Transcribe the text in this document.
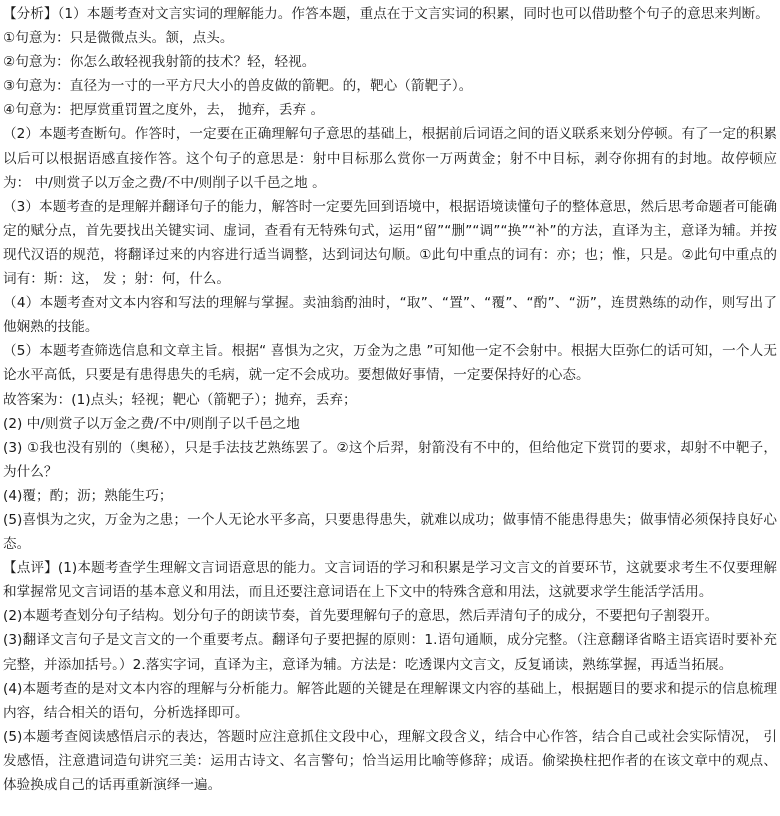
【分析】（1）本题考查对文言实词的理解能力。作答本题，重点在于文言实词的积累，同时也可以借助整个句子的意思来判断。

①句意为：只是微微点头。颔，点头。

②句意为：你怎么敢轻视我射箭的技术？轻，轻视。

③句意为：直径为一寸的一平方尺大小的兽皮做的箭靶。的，靶心（箭靶子）。

④句意为：把厚赏重罚置之度外，去， 抛弃，丢弃 。

（2）本题考查断句。作答时，一定要在正确理解句子意思的基础上，根据前后词语之间的语义联系来划分停顿。有了一定的积累以后可以根据语感直接作答。这个句子的意思是：射中目标那么赏你一万两黄金；射不中目标，剥夺你拥有的封地。故停顿应为： 中/则赏子以万金之费/不中/则削子以千邑之地 。

（3）本题考查的是理解并翻译句子的能力，解答时一定要先回到语境中，根据语境读懂句子的整体意思，然后思考命题者可能确定的赋分点，首先要找出关键实词、虚词，查看有无特殊句式，运用“留”“删”“调”“换”“补”的方法，直译为主，意译为辅。并按现代汉语的规范，将翻译过来的内容进行适当调整，达到词达句顺。①此句中重点的词有：亦；也；惟，只是。②此句中重点的词有：斯：这， 发 ；射：何，什么。

（4）本题考查对文本内容和写法的理解与掌握。卖油翁酌油时，“取”、“置”、“覆”、“酌”、“沥”，连贯熟练的动作，则写出了他娴熟的技能。

（5）本题考查筛选信息和文章主旨。根据“ 喜惧为之灾，万金为之患 ”可知他一定不会射中。根据大臣弥仁的话可知，一个人无论水平高低，只要是有患得患失的毛病，就一定不会成功。要想做好事情，一定要保持好的心态。

故答案为：(1)点头；轻视；靶心（箭靶子）；抛弃，丢弃；

(2) 中/则赏子以万金之费/不中/则削子以千邑之地

(3) ①我也没有别的（奥秘），只是手法技艺熟练罢了。②这个后羿，射箭没有不中的，但给他定下赏罚的要求，却射不中靶子，为什么？

(4)覆；酌；沥；熟能生巧；

(5)喜惧为之灾，万金为之患；一个人无论水平多高，只要患得患失，就难以成功；做事情不能患得患失；做事情必须保持良好心态。

【点评】(1)本题考查学生理解文言词语意思的能力。文言词语的学习和积累是学习文言文的首要环节，这就要求考生不仅要理解和掌握常见文言词语的基本意义和用法，而且还要注意词语在上下文中的特殊含意和用法，这就要求学生能活学活用。

(2)本题考查划分句子结构。划分句子的朗读节奏，首先要理解句子的意思，然后弄清句子的成分，不要把句子割裂开。

(3)翻译文言句子是文言文的一个重要考点。翻译句子要把握的原则：1.语句通顺，成分完整。（注意翻译省略主语宾语时要补充完整，并添加括号。）2.落实字词，直译为主，意译为辅。方法是：吃透课内文言文，反复诵读，熟练掌握，再适当拓展。

(4)本题考查的是对文本内容的理解与分析能力。解答此题的关键是在理解课文内容的基础上，根据题目的要求和提示的信息梳理内容，结合相关的语句，分析选择即可。

(5)本题考查阅读感悟启示的表达，答题时应注意抓住文段中心，理解文段含义，结合中心作答，结合自己或社会实际情况， 引发感悟，注意遣词造句讲究三美：运用古诗文、名言警句；恰当运用比喻等修辞；成语。偷梁换柱把作者的在该文章中的观点、体验换成自己的话再重新演绎一遍。
